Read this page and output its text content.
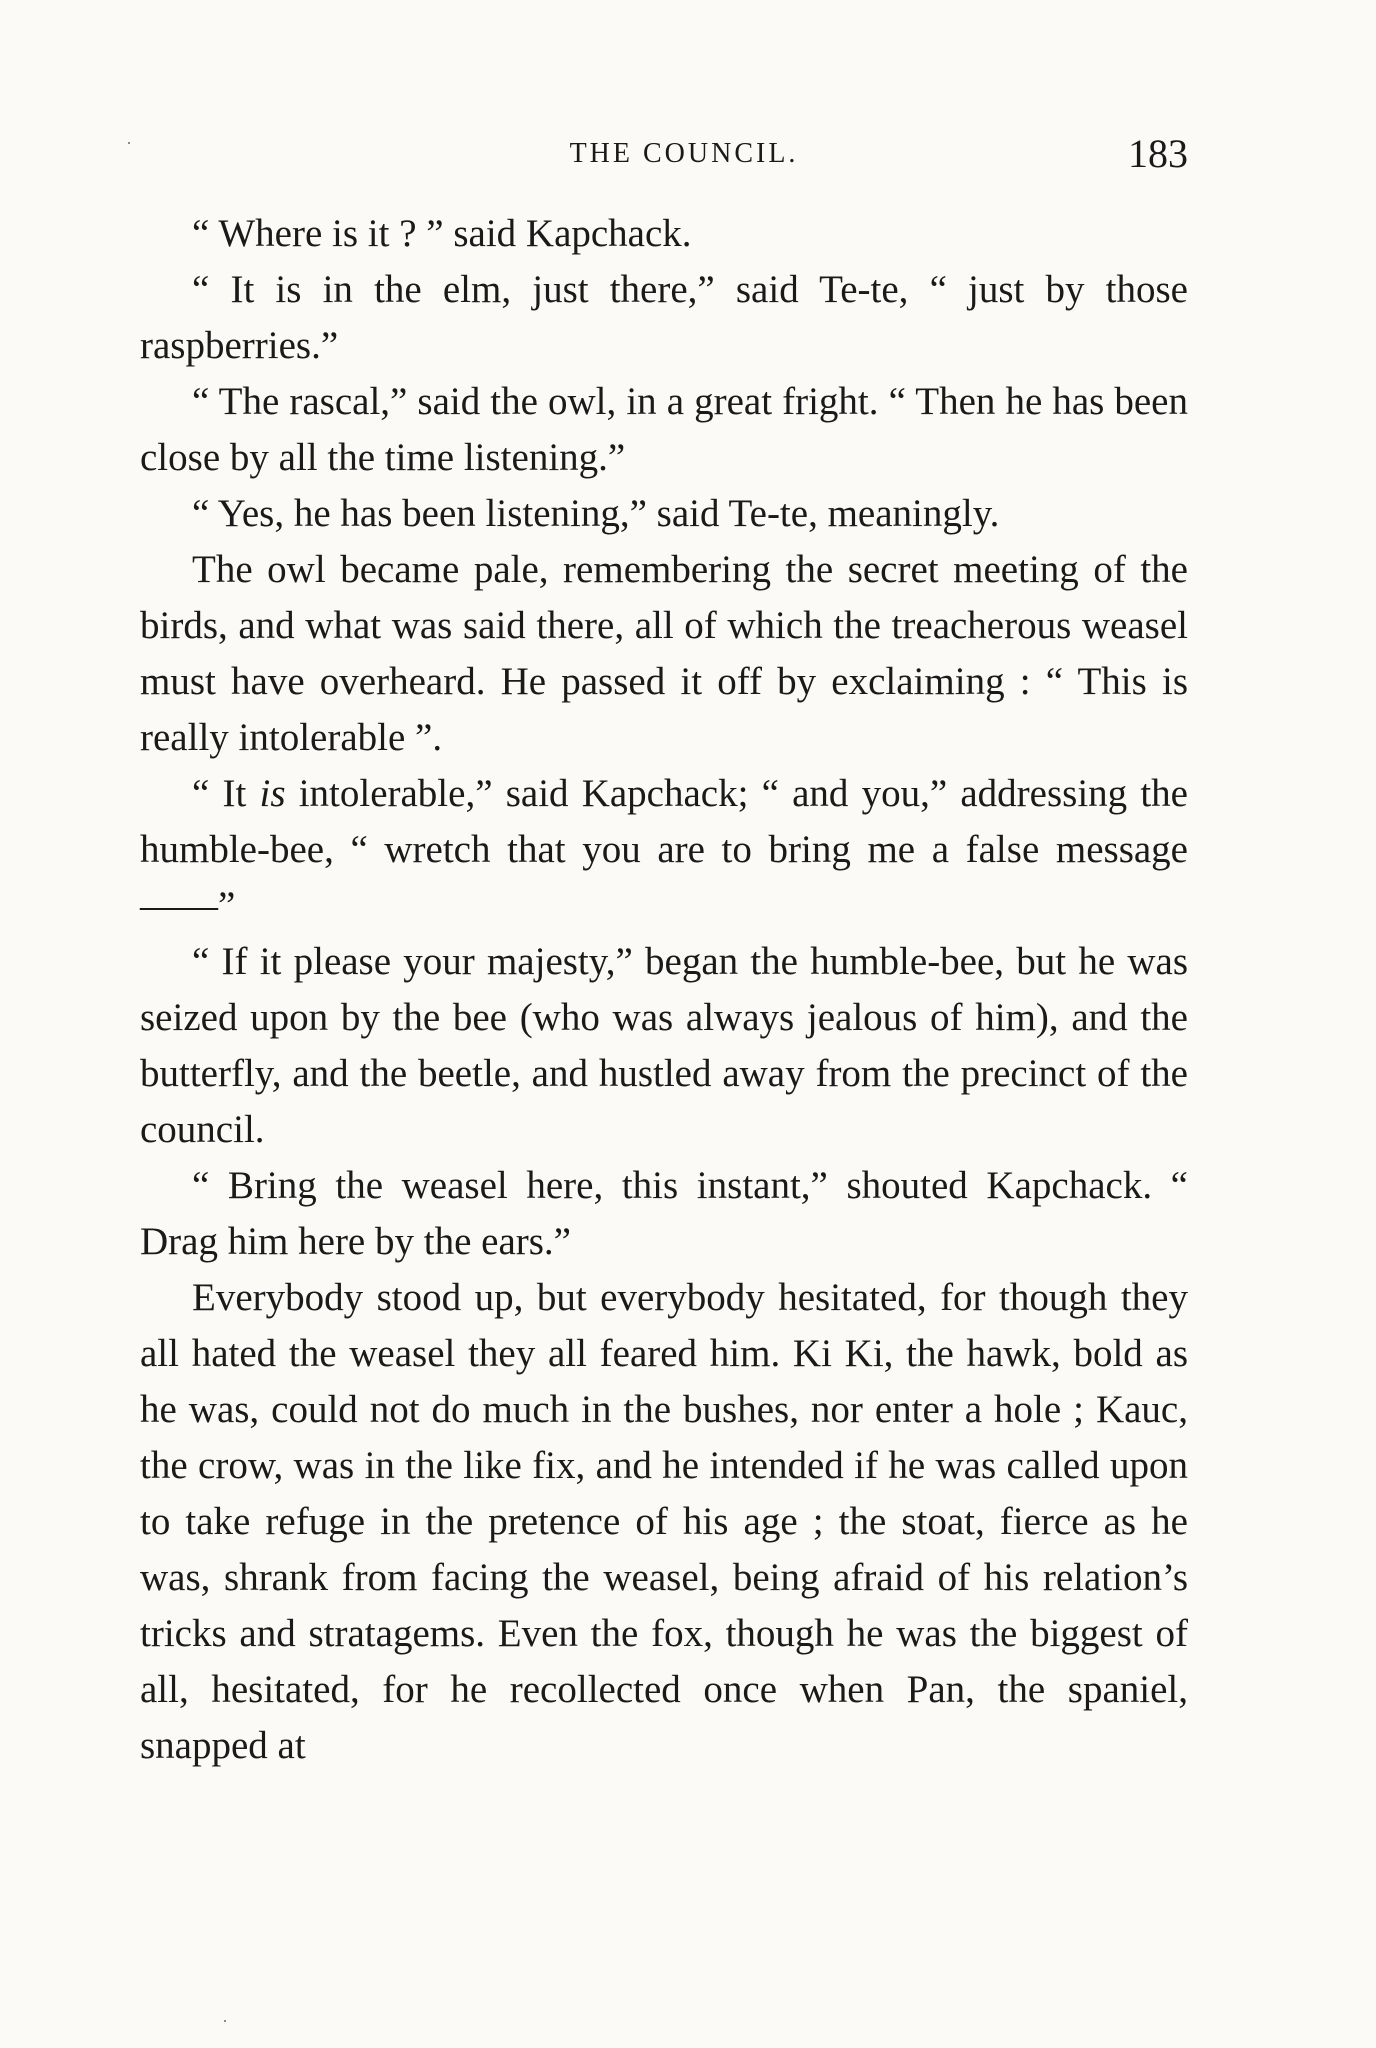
THE COUNCIL.	183

“ Where is it ? ” said Kapchack.

“ It is in the elm, just there,” said Te-te, “ just by those raspberries.”

“ The rascal,” said the owl, in a great fright. “ Then he has been close by all the time listening.”

“ Yes, he has been listening,” said Te-te, meaningly.

The owl became pale, remembering the secret meeting of the birds, and what was said there, all of which the treacherous weasel must have overheard. He passed it off by exclaiming : “ This is really intolerable ”.

“ It is intolerable,” said Kapchack; “ and you,” addressing the humble-bee, “ wretch that you are to bring me a false message ——”

“ If it please your majesty,” began the humble-bee, but he was seized upon by the bee (who was always jealous of him), and the butterfly, and the beetle, and hustled away from the precinct of the council.

“ Bring the weasel here, this instant,” shouted Kapchack. “ Drag him here by the ears.”

Everybody stood up, but everybody hesitated, for though they all hated the weasel they all feared him. Ki Ki, the hawk, bold as he was, could not do much in the bushes, nor enter a hole ; Kauc, the crow, was in the like fix, and he intended if he was called upon to take refuge in the pretence of his age ; the stoat, fierce as he was, shrank from facing the weasel, being afraid of his relation’s tricks and stratagems. Even the fox, though he was the biggest of all, hesitated, for he recollected once when Pan, the spaniel, snapped at
